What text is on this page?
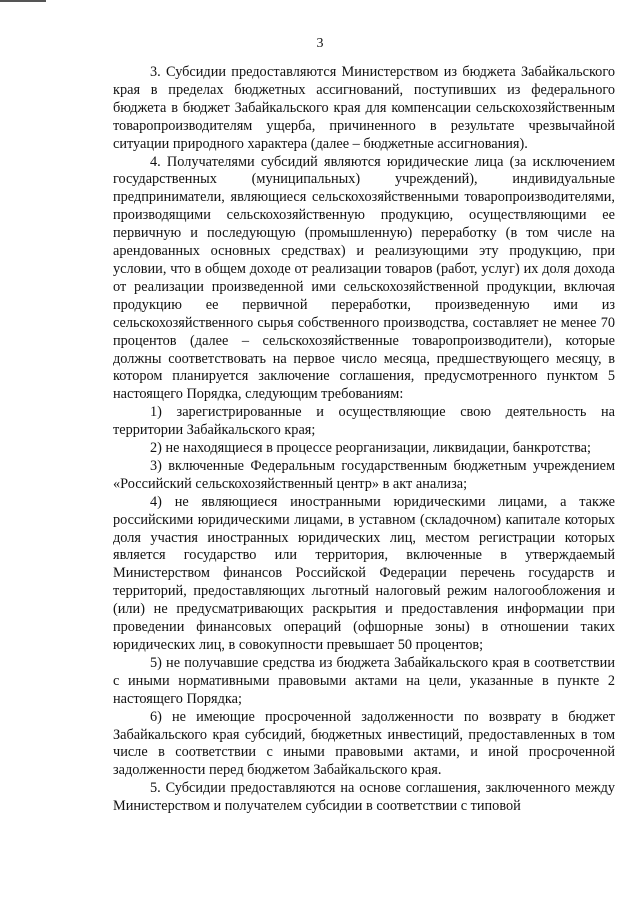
3

3. Субсидии предоставляются Министерством из бюджета Забайкальского края в пределах бюджетных ассигнований, поступивших из федерального бюджета в бюджет Забайкальского края для компенсации сельскохозяйственным товаропроизводителям ущерба, причиненного в результате чрезвычайной ситуации природного характера (далее – бюджетные ассигнования).

4. Получателями субсидий являются юридические лица (за исключением государственных (муниципальных) учреждений), индивидуальные предприниматели, являющиеся сельскохозяйственными товаропроизводителями, производящими сельскохозяйственную продукцию, осуществляющими ее первичную и последующую (промышленную) переработку (в том числе на арендованных основных средствах) и реализующими эту продукцию, при условии, что в общем доходе от реализации товаров (работ, услуг) их доля дохода от реализации произведенной ими сельскохозяйственной продукции, включая продукцию ее первичной переработки, произведенную ими из сельскохозяйственного сырья собственного производства, составляет не менее 70 процентов (далее – сельскохозяйственные товаропроизводители), которые должны соответствовать на первое число месяца, предшествующего месяцу, в котором планируется заключение соглашения, предусмотренного пунктом 5 настоящего Порядка, следующим требованиям:

1) зарегистрированные и осуществляющие свою деятельность на территории Забайкальского края;

2) не находящиеся в процессе реорганизации, ликвидации, банкротства;

3) включенные Федеральным государственным бюджетным учреждением «Российский сельскохозяйственный центр» в акт анализа;

4) не являющиеся иностранными юридическими лицами, а также российскими юридическими лицами, в уставном (складочном) капитале которых доля участия иностранных юридических лиц, местом регистрации которых является государство или территория, включенные в утверждаемый Министерством финансов Российской Федерации перечень государств и территорий, предоставляющих льготный налоговый режим налогообложения и (или) не предусматривающих раскрытия и предоставления информации при проведении финансовых операций (офшорные зоны) в отношении таких юридических лиц, в совокупности превышает 50 процентов;

5) не получавшие средства из бюджета Забайкальского края в соответствии с иными нормативными правовыми актами на цели, указанные в пункте 2 настоящего Порядка;

6) не имеющие просроченной задолженности по возврату в бюджет Забайкальского края субсидий, бюджетных инвестиций, предоставленных в том числе в соответствии с иными правовыми актами, и иной просроченной задолженности перед бюджетом Забайкальского края.

5. Субсидии предоставляются на основе соглашения, заключенного между Министерством и получателем субсидии в соответствии с типовой
